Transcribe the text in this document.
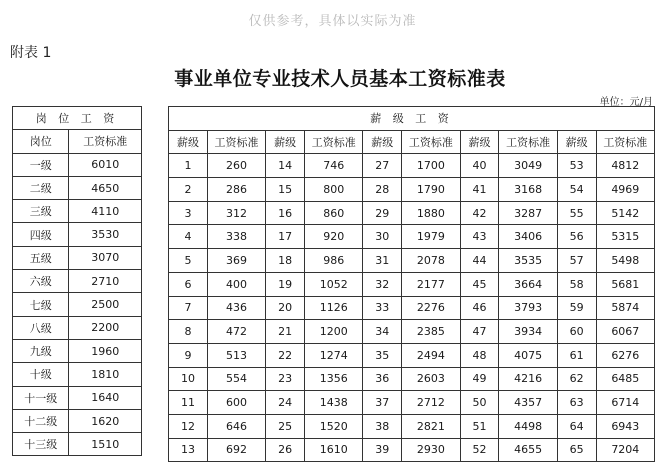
仅供参考，具体以实际为准
附表 1
事业单位专业技术人员基本工资标准表
单位：元/月
岗 位 工 资	
岗位	工资标准
一级	6010
二级	4650
三级	4110
四级	3530
五级	3070
六级	2710
七级	2500
八级	2200
九级	1960
十级	1810
十一级	1640
十二级	1620
十三级	1510
薪 级 工 资									
薪级	工资标准	薪级	工资标准	薪级	工资标准	薪级	工资标准	薪级	工资标准
1	260	14	746	27	1700	40	3049	53	4812
2	286	15	800	28	1790	41	3168	54	4969
3	312	16	860	29	1880	42	3287	55	5142
4	338	17	920	30	1979	43	3406	56	5315
5	369	18	986	31	2078	44	3535	57	5498
6	400	19	1052	32	2177	45	3664	58	5681
7	436	20	1126	33	2276	46	3793	59	5874
8	472	21	1200	34	2385	47	3934	60	6067
9	513	22	1274	35	2494	48	4075	61	6276
10	554	23	1356	36	2603	49	4216	62	6485
11	600	24	1438	37	2712	50	4357	63	6714
12	646	25	1520	38	2821	51	4498	64	6943
13	692	26	1610	39	2930	52	4655	65	7204
